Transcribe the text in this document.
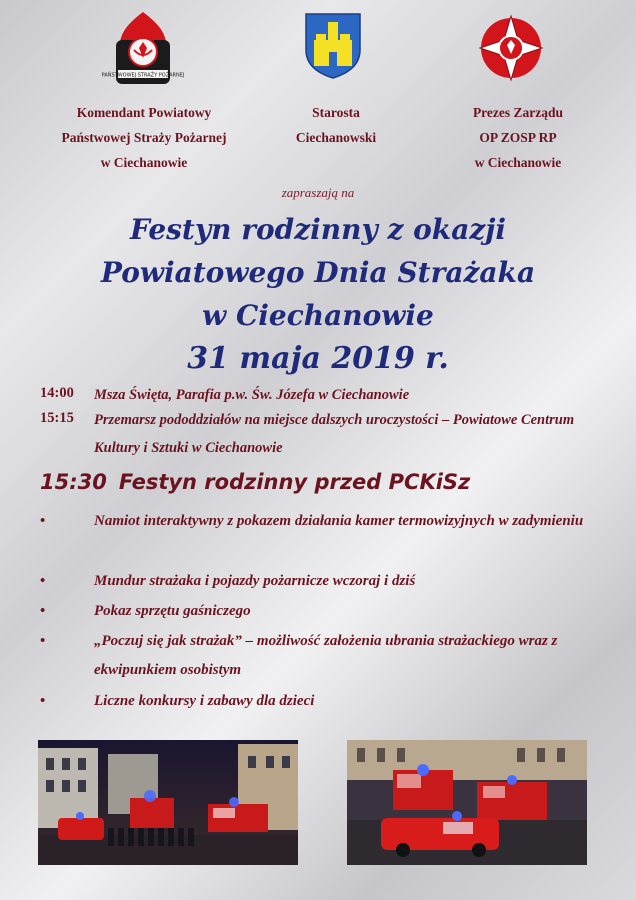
PAŃSTWOWEJ STRAŻY POŻARNEJ
Komendant Powiatowy
Państwowej Straży Pożarnej
w Ciechanowie
Starosta
Ciechanowski
Prezes Zarządu
OP ZOSP RP
w Ciechanowie
zapraszają na
Festyn rodzinny z okazji
Powiatowego Dnia Strażaka
w Ciechanowie
31 maja 2019 r.
14:00 Msza Święta, Parafia p.w. Św. Józefa w Ciechanowie
15:15 Przemarsz pododdziałów na miejsce dalszych uroczystości – Powiatowe Centrum Kultury i Sztuki w Ciechanowie
15:30 Festyn rodzinny przed PCKiSz
•	Namiot interaktywny z pokazem działania kamer termowizyjnych w zadymieniu
•	Mundur strażaka i pojazdy pożarnicze wczoraj i dziś
•	Pokaz sprzętu gaśniczego
•	„Poczuj się jak strażak” – możliwość założenia ubrania strażackiego wraz z ekwipunkiem osobistym
•	Liczne konkursy i zabawy dla dzieci
